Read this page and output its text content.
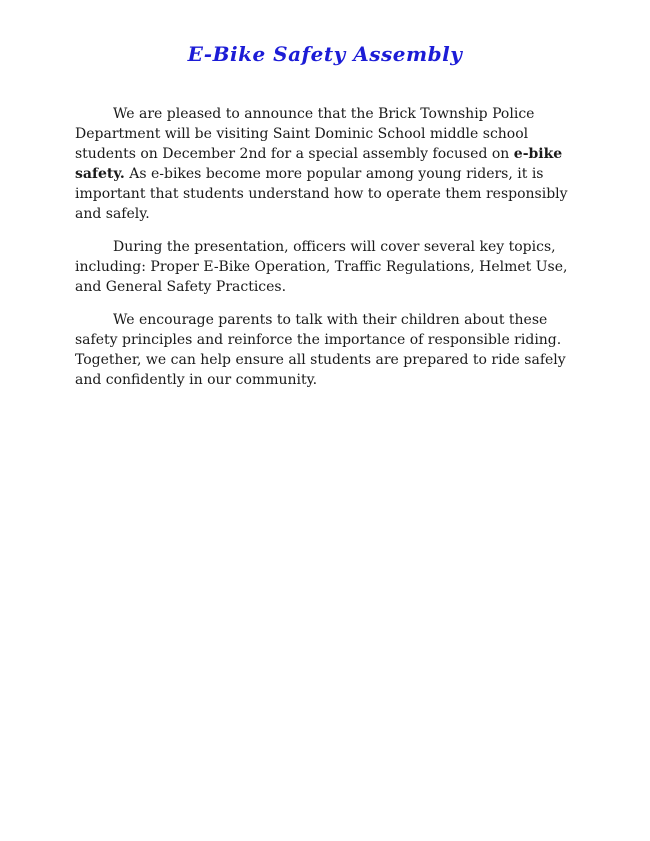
E-Bike Safety Assembly

We are pleased to announce that the Brick Township Police Department will be visiting Saint Dominic School middle school students on December 2nd for a special assembly focused on e-bike safety. As e-bikes become more popular among young riders, it is important that students understand how to operate them responsibly and safely.

During the presentation, officers will cover several key topics, including: Proper E-Bike Operation, Traffic Regulations, Helmet Use, and General Safety Practices.

We encourage parents to talk with their children about these safety principles and reinforce the importance of responsible riding. Together, we can help ensure all students are prepared to ride safely and confidently in our community.
